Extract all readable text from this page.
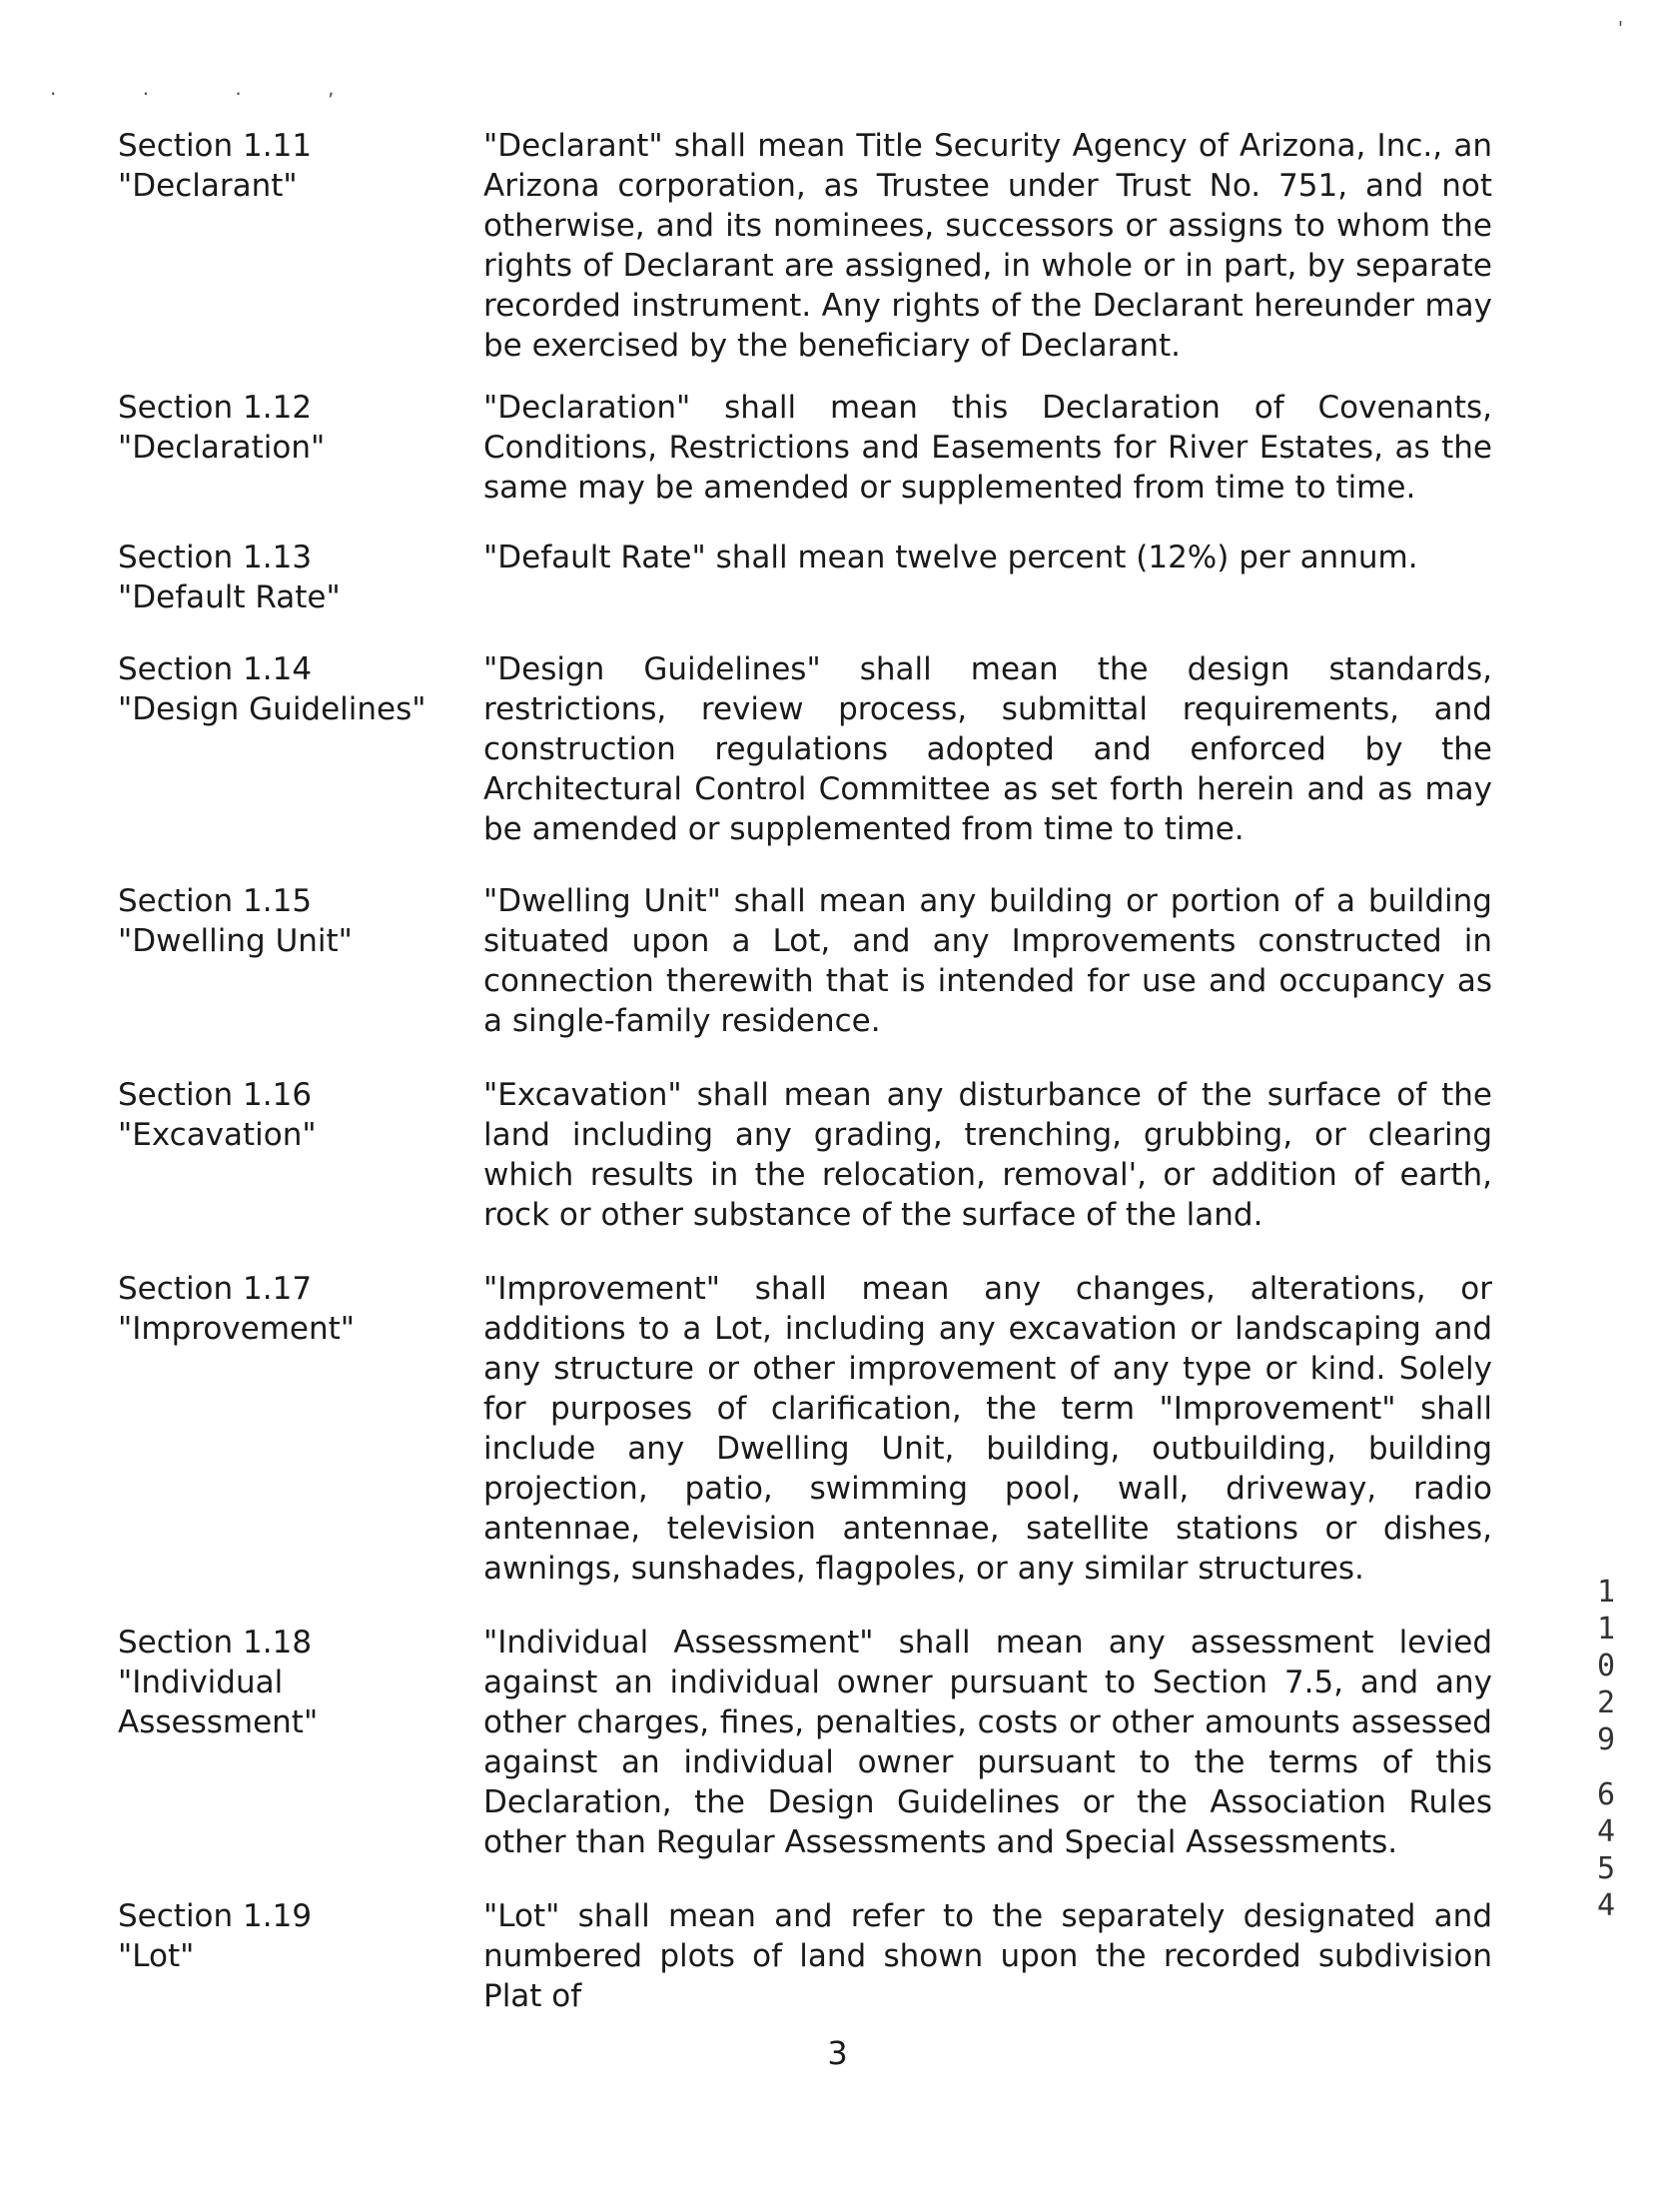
. . . ,
'
Section 1.11
"Declarant"
"Declarant" shall mean Title Security Agency of Arizona, Inc., an Arizona corporation, as Trustee under Trust No. 751, and not otherwise, and its nominees, successors or assigns to whom the rights of Declarant are assigned, in whole or in part, by separate recorded instrument. Any rights of the Declarant hereunder may be exercised by the beneficiary of Declarant.
Section 1.12
"Declaration"
"Declaration" shall mean this Declaration of Covenants, Conditions, Restrictions and Easements for River Estates, as the same may be amended or supplemented from time to time.
Section 1.13
"Default Rate"
"Default Rate" shall mean twelve percent (12%) per annum.
Section 1.14
"Design Guidelines"
"Design Guidelines" shall mean the design standards, restrictions, review process, submittal requirements, and construction regulations adopted and enforced by the Architectural Control Committee as set forth herein and as may be amended or supplemented from time to time.
Section 1.15
"Dwelling Unit"
"Dwelling Unit" shall mean any building or portion of a building situated upon a Lot, and any Improvements constructed in connection therewith that is intended for use and occupancy as a single-family residence.
Section 1.16
"Excavation"
"Excavation" shall mean any disturbance of the surface of the land including any grading, trenching, grubbing, or clearing which results in the relocation, removal', or addition of earth, rock or other substance of the surface of the land.
Section 1.17
"Improvement"
"Improvement" shall mean any changes, alterations, or additions to a Lot, including any excavation or landscaping and any structure or other improvement of any type or kind. Solely for purposes of clarification, the term "Improvement" shall include any Dwelling Unit, building, outbuilding, building projection, patio, swimming pool, wall, driveway, radio antennae, television antennae, satellite stations or dishes, awnings, sunshades, flagpoles, or any similar structures.
Section 1.18
"Individual
Assessment"
"Individual Assessment" shall mean any assessment levied against an individual owner pursuant to Section 7.5, and any other charges, fines, penalties, costs or other amounts assessed against an individual owner pursuant to the terms of this Declaration, the Design Guidelines or the Association Rules other than Regular Assessments and Special Assessments.
Section 1.19
"Lot"
"Lot" shall mean and refer to the separately designated and numbered plots of land shown upon the recorded subdivision Plat of
1
1
0
2
9
6
4
5
4
3
